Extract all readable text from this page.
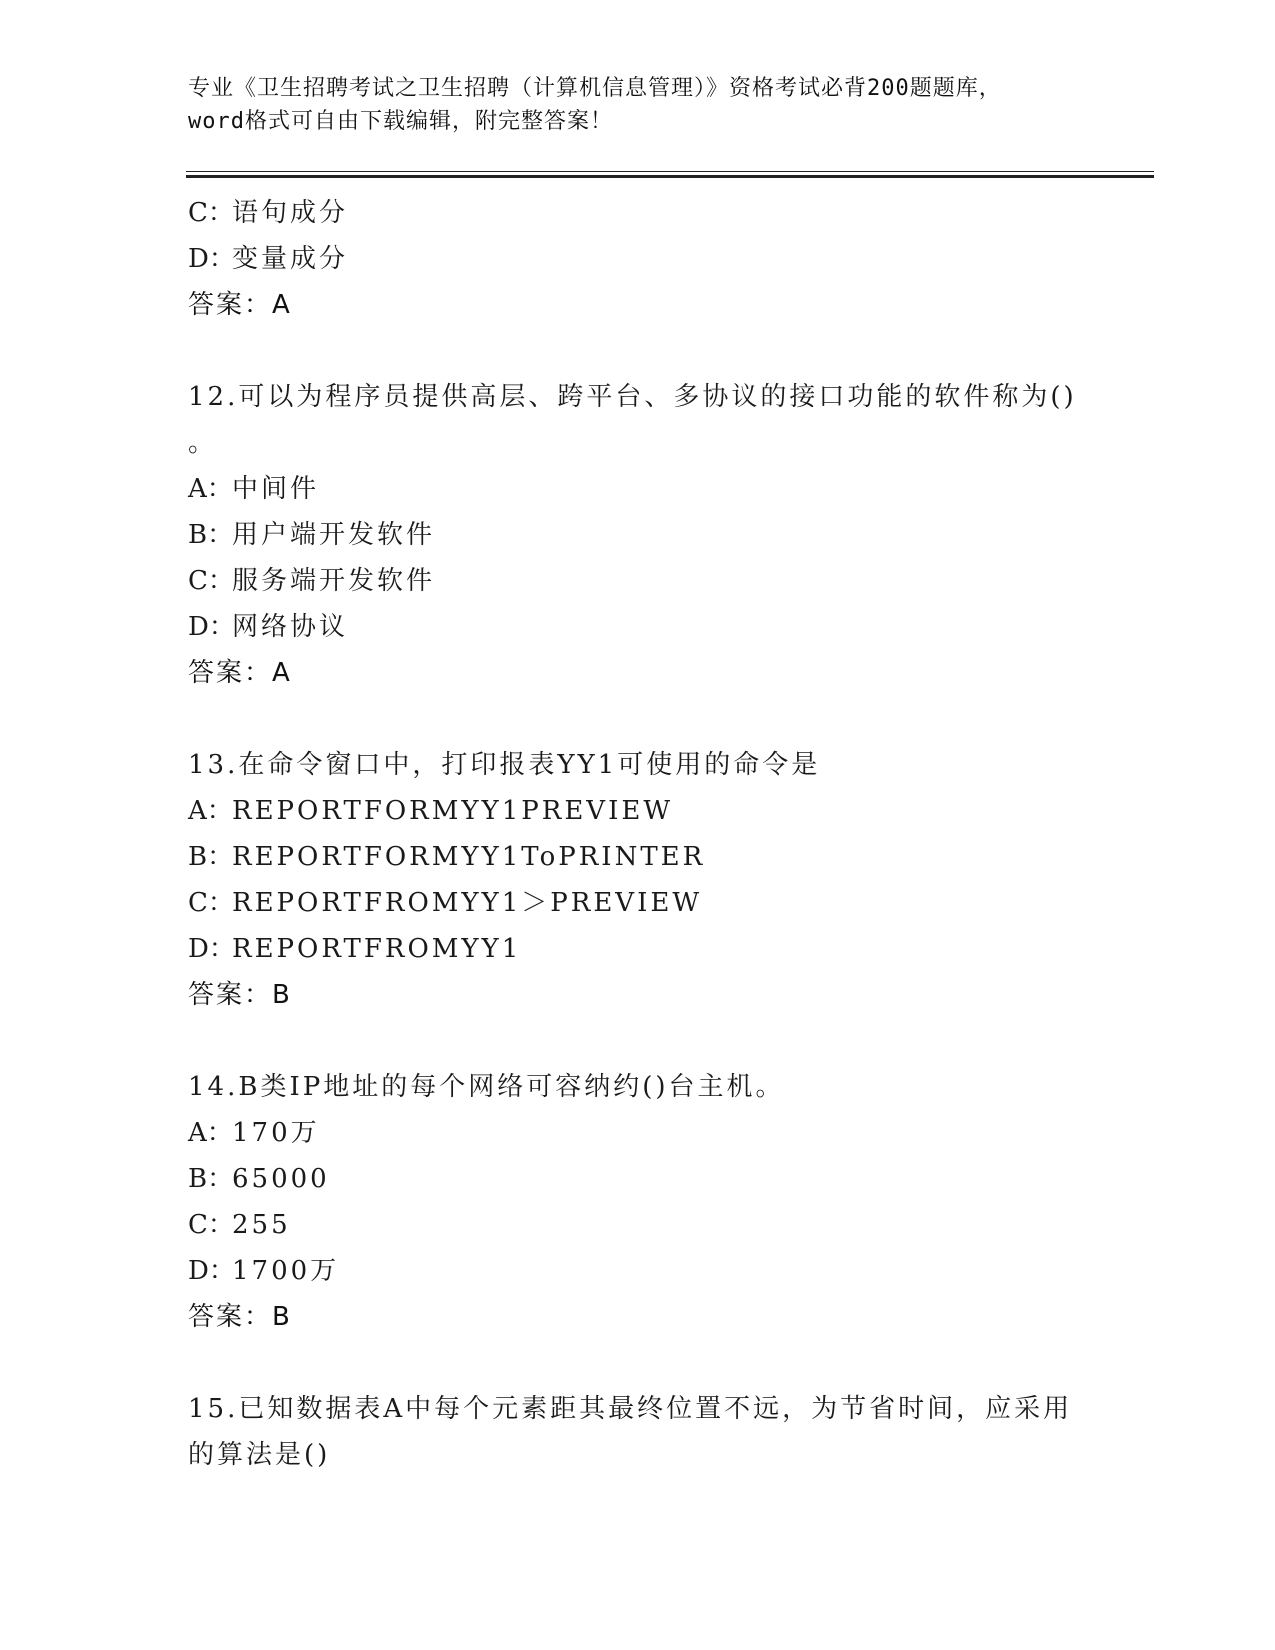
专业《卫生招聘考试之卫生招聘（计算机信息管理）》资格考试必背200题题库，
word格式可自由下载编辑，附完整答案！
C：语句成分
D：变量成分
答案：A
12.可以为程序员提供高层、跨平台、多协议的接口功能的软件称为()
。
A：中间件
B：用户端开发软件
C：服务端开发软件
D：网络协议
答案：A
13.在命令窗口中，打印报表YY1可使用的命令是
A：REPORTFORMYY1PREVIEW
B：REPORTFORMYY1ToPRINTER
C：REPORTFROMYY1＞PREVIEW
D：REPORTFROMYY1
答案：B
14.B类IP地址的每个网络可容纳约()台主机。
A：170万
B：65000
C：255
D：1700万
答案：B
15.已知数据表A中每个元素距其最终位置不远，为节省时间，应采用
的算法是()
